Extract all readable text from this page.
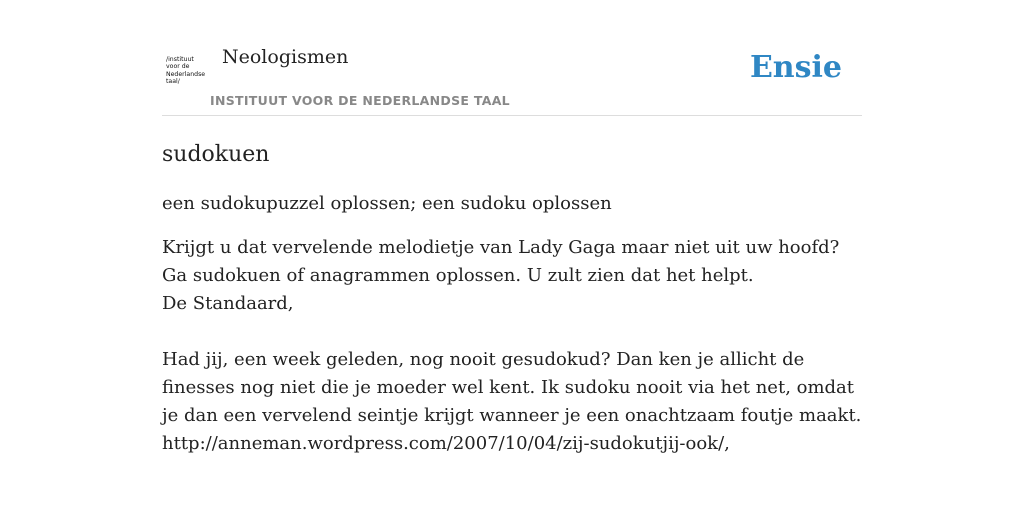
/instituut
voor de
Nederlandse
taal/
Neologismen
INSTITUUT VOOR DE NEDERLANDSE TAAL
Ensie
sudokuen

een sudokupuzzel oplossen; een sudoku oplossen

Krijgt u dat vervelende melodietje van Lady Gaga maar niet uit uw hoofd? Ga sudokuen of anagrammen oplossen. U zult zien dat het helpt.
De Standaard,

Had jij, een week geleden, nog nooit gesudokud? Dan ken je allicht de finesses nog niet die je moeder wel kent. Ik sudoku nooit via het net, omdat je dan een vervelend seintje krijgt wanneer je een onachtzaam foutje maakt.
http://anneman.wordpress.com/2007/10/04/zij-sudokutjij-ook/,
